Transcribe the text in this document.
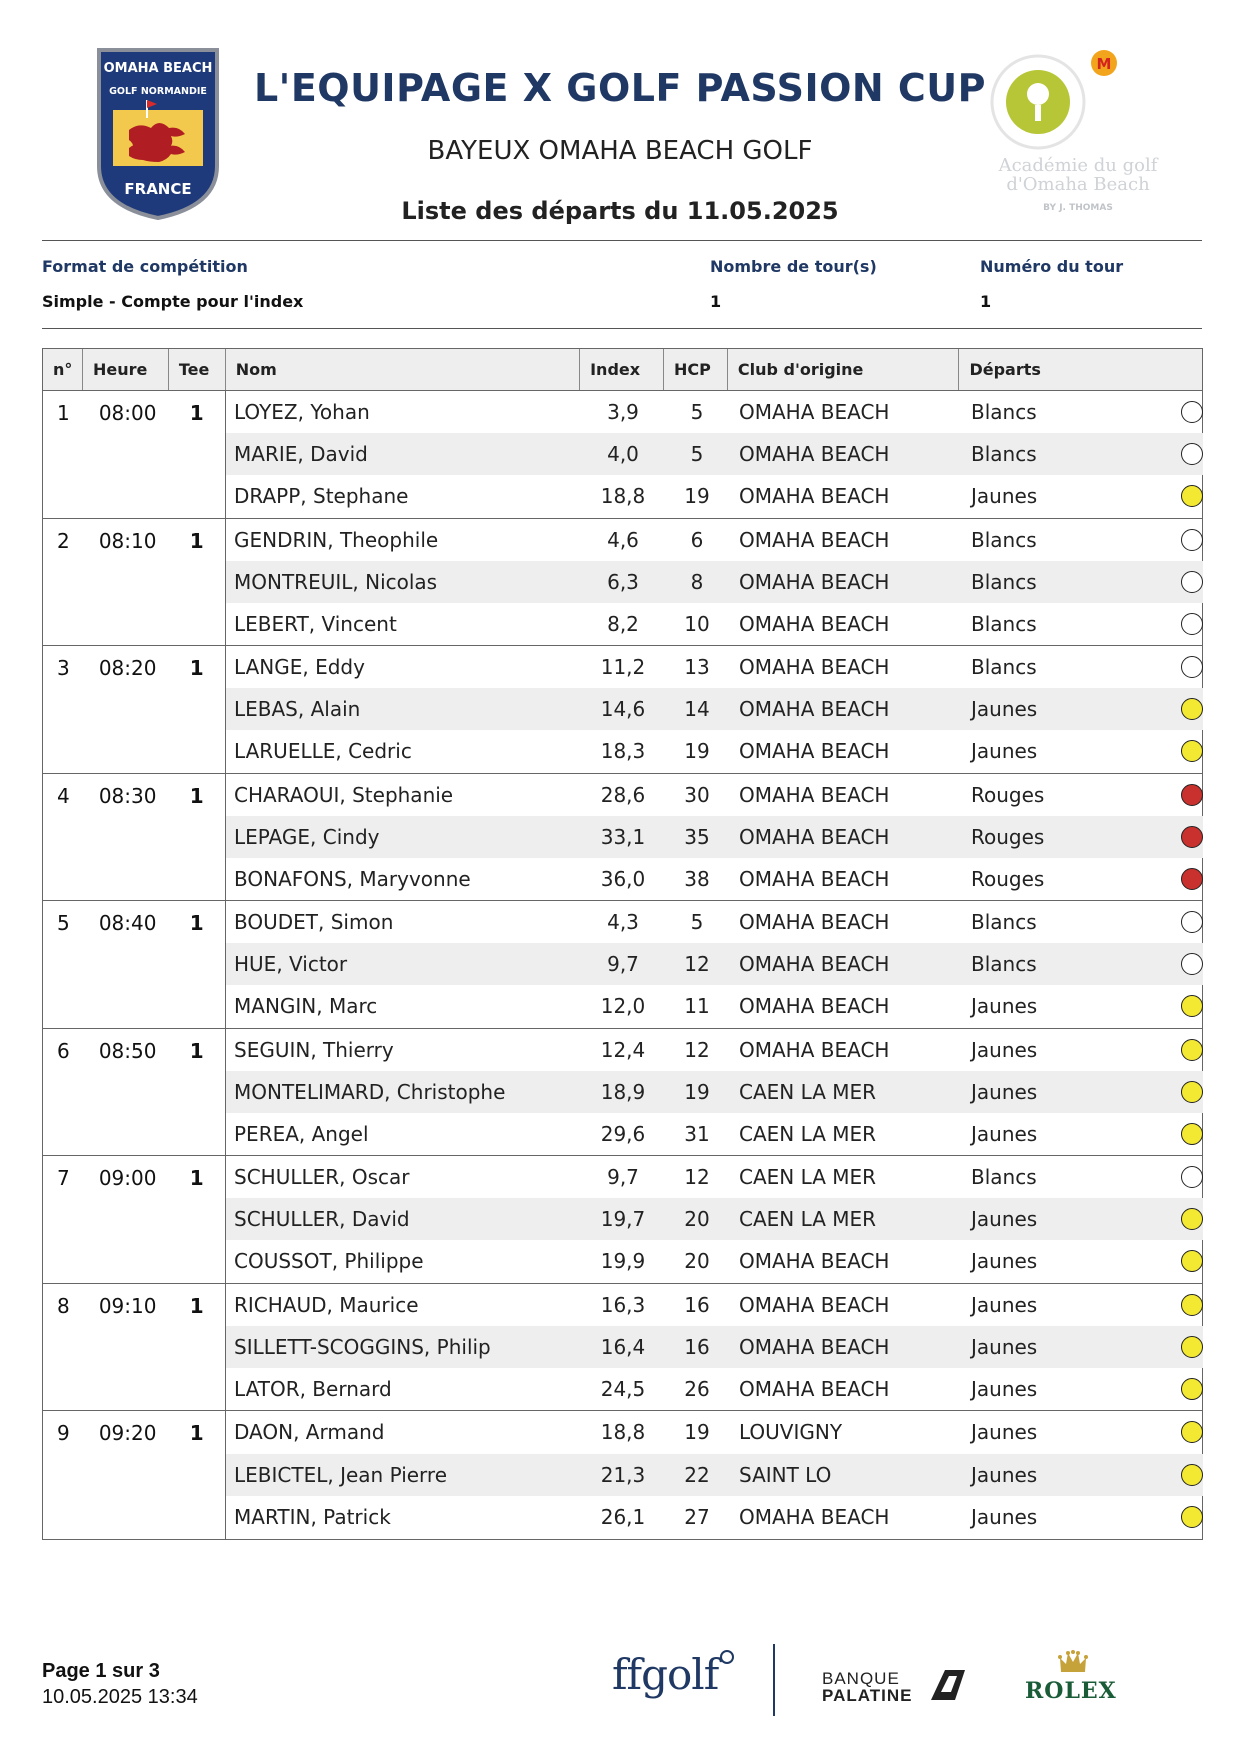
OMAHA BEACH
GOLF NORMANDIE
FRANCE
L'EQUIPAGE X GOLF PASSION CUP
BAYEUX OMAHA BEACH GOLF
Liste des départs du 11.05.2025
M
Académie du golf
d'Omaha Beach
BY J. THOMAS
Format de compétition
Simple - Compte pour l'index
Nombre de tour(s)
1
Numéro du tour
1
n°	Heure	Tee	Nom	Index	HCP	Club d'origine	Départs
1	08:00	1	LOYEZ, Yohan	3,9	5	OMAHA BEACH	Blancs
MARIE, David	4,0	5	OMAHA BEACH	Blancs
DRAPP, Stephane	18,8	19	OMAHA BEACH	Jaunes
2	08:10	1	GENDRIN, Theophile	4,6	6	OMAHA BEACH	Blancs
MONTREUIL, Nicolas	6,3	8	OMAHA BEACH	Blancs
LEBERT, Vincent	8,2	10	OMAHA BEACH	Blancs
3	08:20	1	LANGE, Eddy	11,2	13	OMAHA BEACH	Blancs
LEBAS, Alain	14,6	14	OMAHA BEACH	Jaunes
LARUELLE, Cedric	18,3	19	OMAHA BEACH	Jaunes
4	08:30	1	CHARAOUI, Stephanie	28,6	30	OMAHA BEACH	Rouges
LEPAGE, Cindy	33,1	35	OMAHA BEACH	Rouges
BONAFONS, Maryvonne	36,0	38	OMAHA BEACH	Rouges
5	08:40	1	BOUDET, Simon	4,3	5	OMAHA BEACH	Blancs
HUE, Victor	9,7	12	OMAHA BEACH	Blancs
MANGIN, Marc	12,0	11	OMAHA BEACH	Jaunes
6	08:50	1	SEGUIN, Thierry	12,4	12	OMAHA BEACH	Jaunes
MONTELIMARD, Christophe	18,9	19	CAEN LA MER	Jaunes
PEREA, Angel	29,6	31	CAEN LA MER	Jaunes
7	09:00	1	SCHULLER, Oscar	9,7	12	CAEN LA MER	Blancs
SCHULLER, David	19,7	20	CAEN LA MER	Jaunes
COUSSOT, Philippe	19,9	20	OMAHA BEACH	Jaunes
8	09:10	1	RICHAUD, Maurice	16,3	16	OMAHA BEACH	Jaunes
SILLETT-SCOGGINS, Philip	16,4	16	OMAHA BEACH	Jaunes
LATOR, Bernard	24,5	26	OMAHA BEACH	Jaunes
9	09:20	1	DAON, Armand	18,8	19	LOUVIGNY	Jaunes
LEBICTEL, Jean Pierre	21,3	22	SAINT LO	Jaunes
MARTIN, Patrick	26,1	27	OMAHA BEACH	Jaunes
Page 1 sur 3
10.05.2025 13:34	ffgolf	BANQUE
PALATINE	ROLEX
